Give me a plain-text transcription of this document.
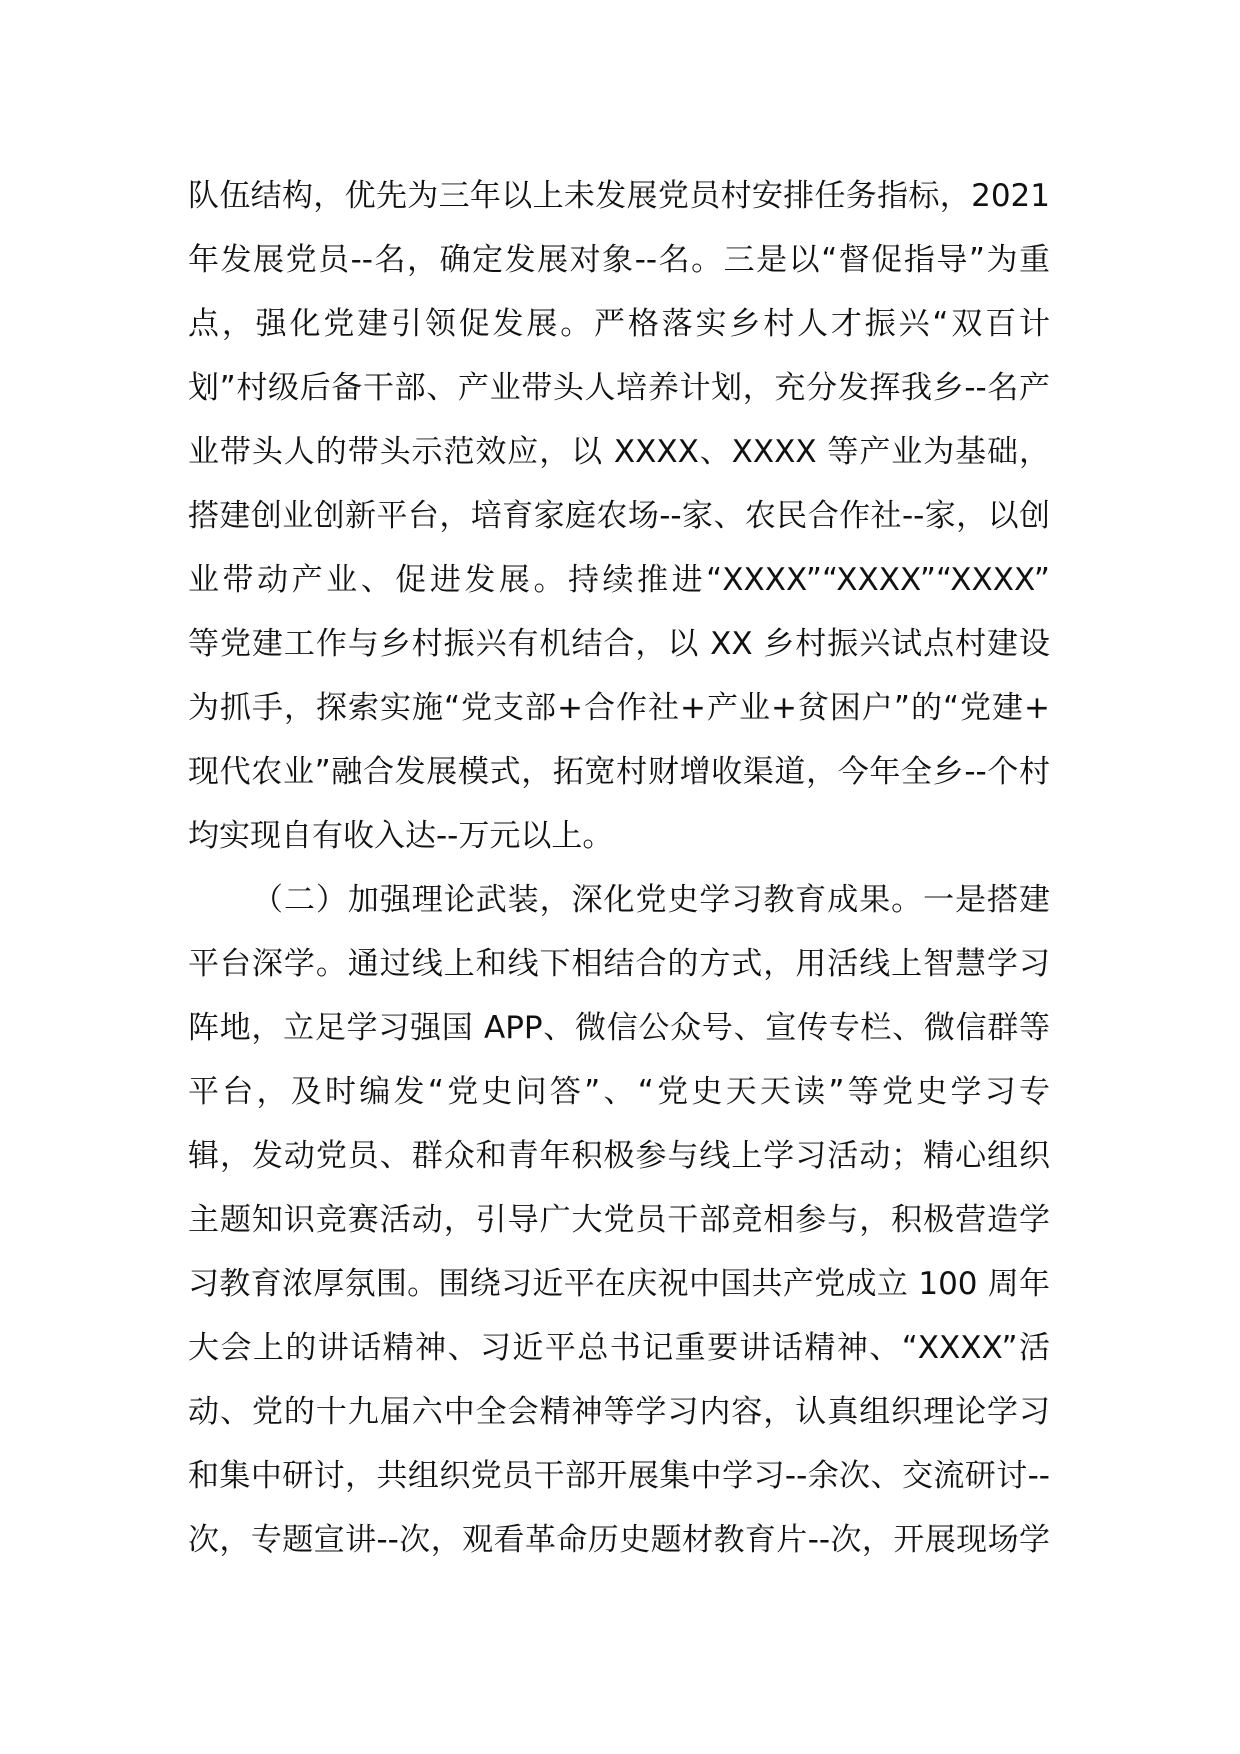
队伍结构，优先为三年以上未发展党员村安排任务指标，2021
年发展党员--名，确定发展对象--名。三是以“督促指导”为重
点，强化党建引领促发展。严格落实乡村人才振兴“双百计
划”村级后备干部、产业带头人培养计划，充分发挥我乡--名产
业带头人的带头示范效应，以 XXXX、XXXX 等产业为基础，
搭建创业创新平台，培育家庭农场--家、农民合作社--家，以创
业带动产业、促进发展。持续推进“XXXX”“XXXX”“XXXX”
等党建工作与乡村振兴有机结合，以 XX 乡村振兴试点村建设
为抓手，探索实施“党支部+合作社+产业+贫困户”的“党建+
现代农业”融合发展模式，拓宽村财增收渠道，今年全乡--个村
均实现自有收入达--万元以上。
（二）加强理论武装，深化党史学习教育成果。一是搭建
平台深学。通过线上和线下相结合的方式，用活线上智慧学习
阵地，立足学习强国 APP、微信公众号、宣传专栏、微信群等
平台，及时编发“党史问答”、“党史天天读”等党史学习专
辑，发动党员、群众和青年积极参与线上学习活动；精心组织
主题知识竞赛活动，引导广大党员干部竞相参与，积极营造学
习教育浓厚氛围。围绕习近平在庆祝中国共产党成立 100 周年
大会上的讲话精神、习近平总书记重要讲话精神、“XXXX”活
动、党的十九届六中全会精神等学习内容，认真组织理论学习
和集中研讨，共组织党员干部开展集中学习--余次、交流研讨--
次，专题宣讲--次，观看革命历史题材教育片--次，开展现场学
